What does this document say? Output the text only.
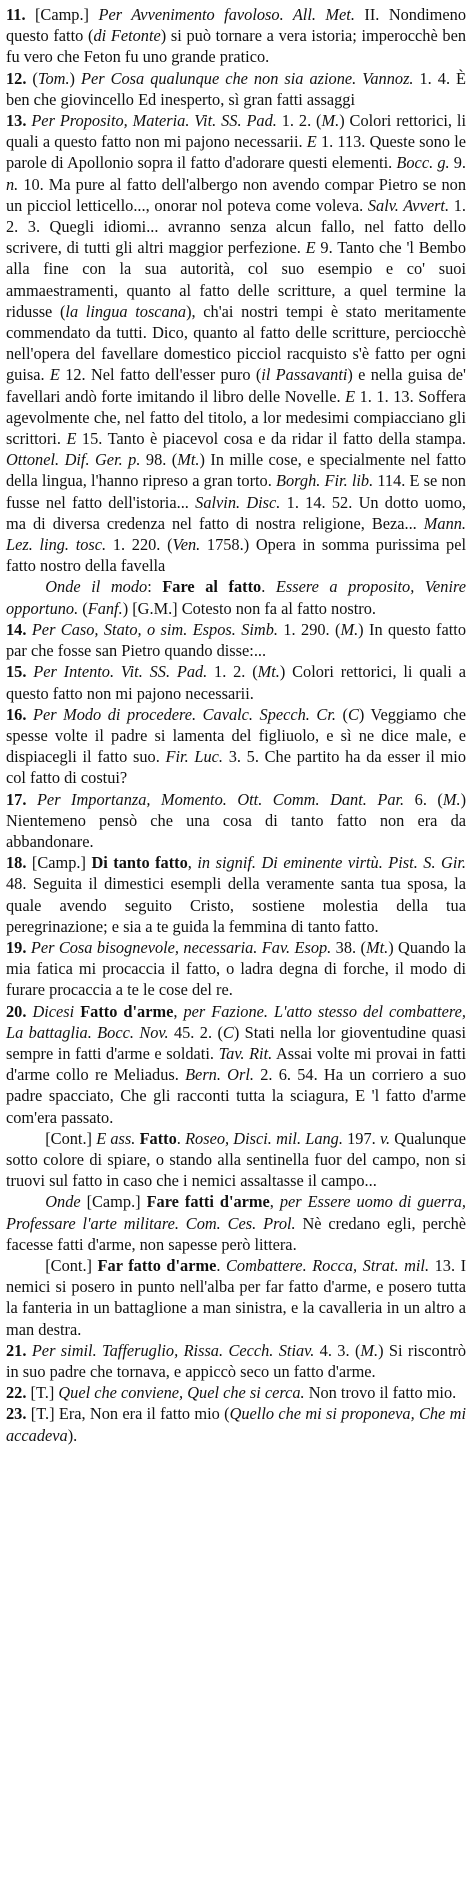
11. [Camp.] Per Avvenimento favoloso. All. Met. II. Nondimeno questo fatto (di Fetonte) si può tornare a vera istoria; imperocchè ben fu vero che Feton fu uno grande pratico.

12. (Tom.) Per Cosa qualunque che non sia azione. Vannoz. 1. 4. È ben che giovincello Ed inesperto, sì gran fatti assaggi

13. Per Proposito, Materia. Vit. SS. Pad. 1. 2. (M.) Colori rettorici, li quali a questo fatto non mi pajono necessarii. E 1. 113. Queste sono le parole di Apollonio sopra il fatto d'adorare questi elementi. Bocc. g. 9. n. 10. Ma pure al fatto dell'albergo non avendo compar Pietro se non un picciol letticello..., onorar nol poteva come voleva. Salv. Avvert. 1. 2. 3. Quegli idiomi... avranno senza alcun fallo, nel fatto dello scrivere, di tutti gli altri maggior perfezione. E 9. Tanto che 'l Bembo alla fine con la sua autorità, col suo esempio e co' suoi ammaestramenti, quanto al fatto delle scritture, a quel termine la ridusse (la lingua toscana), ch'ai nostri tempi è stato meritamente commendato da tutti. Dico, quanto al fatto delle scritture, perciocchè nell'opera del favellare domestico picciol racquisto s'è fatto per ogni guisa. E 12. Nel fatto dell'esser puro (il Passavanti) e nella guisa de' favellari andò forte imitando il libro delle Novelle. E 1. 1. 13. Soffera agevolmente che, nel fatto del titolo, a lor medesimi compiacciano gli scrittori. E 15. Tanto è piacevol cosa e da ridar il fatto della stampa. Ottonel. Dif. Ger. p. 98. (Mt.) In mille cose, e specialmente nel fatto della lingua, l'hanno ripreso a gran torto. Borgh. Fir. lib. 114. E se non fusse nel fatto dell'istoria... Salvin. Disc. 1. 14. 52. Un dotto uomo, ma di diversa credenza nel fatto di nostra religione, Beza... Mann. Lez. ling. tosc. 1. 220. (Ven. 1758.) Opera in somma purissima pel fatto nostro della favella

Onde il modo: Fare al fatto. Essere a proposito, Venire opportuno. (Fanf.) [G.M.] Cotesto non fa al fatto nostro.

14. Per Caso, Stato, o sim. Espos. Simb. 1. 290. (M.) In questo fatto par che fosse san Pietro quando disse:...

15. Per Intento. Vit. SS. Pad. 1. 2. (Mt.) Colori rettorici, li quali a questo fatto non mi pajono necessarii.

16. Per Modo di procedere. Cavalc. Specch. Cr. (C) Veggiamo che spesse volte il padre si lamenta del figliuolo, e sì ne dice male, e dispiacegli il fatto suo. Fir. Luc. 3. 5. Che partito ha da esser il mio col fatto di costui?

17. Per Importanza, Momento. Ott. Comm. Dant. Par. 6. (M.) Nientemeno pensò che una cosa di tanto fatto non era da abbandonare.

18. [Camp.] Di tanto fatto, in signif. Di eminente virtù. Pist. S. Gir. 48. Seguita il dimestici esempli della veramente santa tua sposa, la quale avendo seguito Cristo, sostiene molestia della tua peregrinazione; e sia a te guida la femmina di tanto fatto.

19. Per Cosa bisognevole, necessaria. Fav. Esop. 38. (Mt.) Quando la mia fatica mi procaccia il fatto, o ladra degna di forche, il modo di furare procaccia a te le cose del re.

20. Dicesi Fatto d'arme, per Fazione. L'atto stesso del combattere, La battaglia. Bocc. Nov. 45. 2. (C) Stati nella lor gioventudine quasi sempre in fatti d'arme e soldati. Tav. Rit. Assai volte mi provai in fatti d'arme collo re Meliadus. Bern. Orl. 2. 6. 54. Ha un corriero a suo padre spacciato, Che gli racconti tutta la sciagura, E 'l fatto d'arme com'era passato.

[Cont.] E ass. Fatto. Roseo, Disci. mil. Lang. 197. v. Qualunque sotto colore di spiare, o stando alla sentinella fuor del campo, non si truovi sul fatto in caso che i nemici assaltasse il campo...

Onde [Camp.] Fare fatti d'arme, per Essere uomo di guerra, Professare l'arte militare. Com. Ces. Prol. Nè credano egli, perchè facesse fatti d'arme, non sapesse però littera.

[Cont.] Far fatto d'arme. Combattere. Rocca, Strat. mil. 13. I nemici si posero in punto nell'alba per far fatto d'arme, e posero tutta la fanteria in un battaglione a man sinistra, e la cavalleria in un altro a man destra.

21. Per simil. Tafferuglio, Rissa. Cecch. Stiav. 4. 3. (M.) Si riscontrò in suo padre che tornava, e appiccò seco un fatto d'arme.

22. [T.] Quel che conviene, Quel che si cerca. Non trovo il fatto mio.

23. [T.] Era, Non era il fatto mio (Quello che mi si proponeva, Che mi accadeva).
